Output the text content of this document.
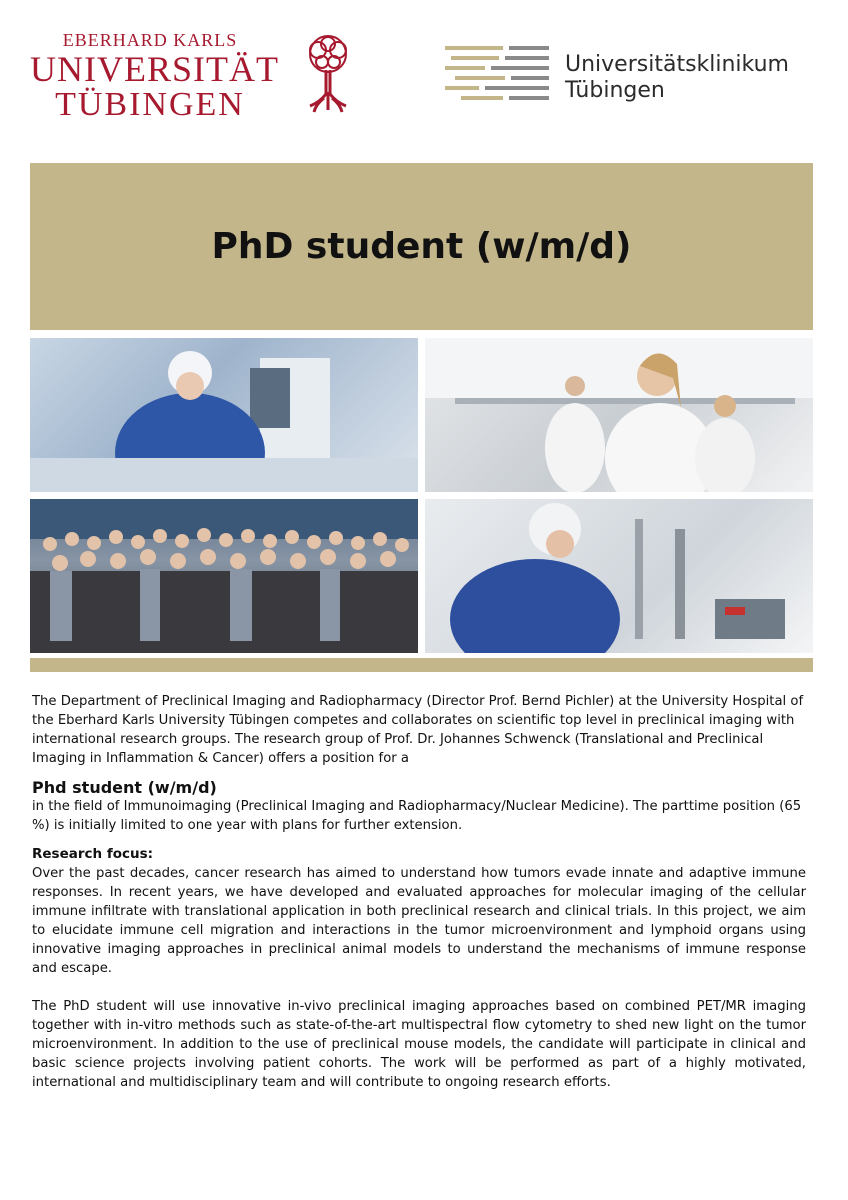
EBERHARD KARLS
UNIVERSITÄT
TÜBINGEN
Universitätsklinikum
Tübingen
PhD student (w/m/d)

The Department of Preclinical Imaging and Radiopharmacy (Director Prof. Bernd Pichler) at the University Hospital of the Eberhard Karls University Tübingen competes and collaborates on scientific top level in preclinical imaging with international research groups. The research group of Prof. Dr. Johannes Schwenck (Translational and Preclinical Imaging in Inflammation & Cancer) offers a position for a

Phd student (w/m/d)

in the field of Immunoimaging (Preclinical Imaging and Radiopharmacy/Nuclear Medicine). The parttime position (65 %) is initially limited to one year with plans for further extension.

Research focus:

Over the past decades, cancer research has aimed to understand how tumors evade innate and adaptive immune responses. In recent years, we have developed and evaluated approaches for molecular imaging of the cellular immune infiltrate with translational application in both preclinical research and clinical trials. In this project, we aim to elucidate immune cell migration and interactions in the tumor microenvironment and lymphoid organs using innovative imaging approaches in preclinical animal models to understand the mechanisms of immune response and escape.

The PhD student will use innovative in-vivo preclinical imaging approaches based on combined PET/MR imaging together with in-vitro methods such as state-of-the-art multispectral flow cytometry to shed new light on the tumor microenvironment. In addition to the use of preclinical mouse models, the candidate will participate in clinical and basic science projects involving patient cohorts. The work will be performed as part of a highly motivated, international and multidisciplinary team and will contribute to ongoing research efforts.
